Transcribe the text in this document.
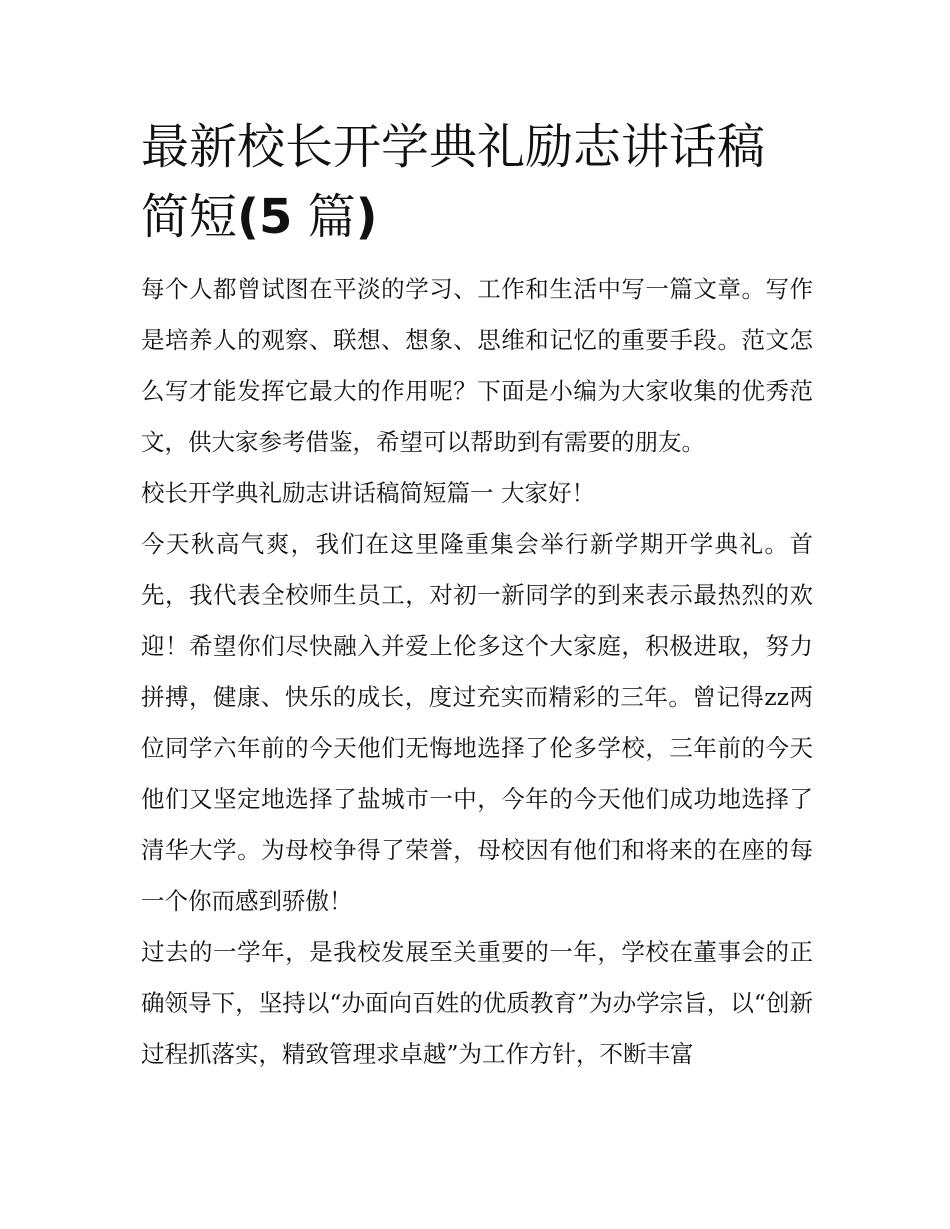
最新校长开学典礼励志讲话稿
简短(5 篇)

每个人都曾试图在平淡的学习、工作和生活中写一篇文章。写作是培养人的观察、联想、想象、思维和记忆的重要手段。范文怎么写才能发挥它最大的作用呢？下面是小编为大家收集的优秀范文，供大家参考借鉴，希望可以帮助到有需要的朋友。

校长开学典礼励志讲话稿简短篇一 大家好！

今天秋高气爽，我们在这里隆重集会举行新学期开学典礼。首先，我代表全校师生员工，对初一新同学的到来表示最热烈的欢迎！希望你们尽快融入并爱上伦多这个大家庭，积极进取，努力拼搏，健康、快乐的成长，度过充实而精彩的三年。曾记得zz两位同学六年前的今天他们无悔地选择了伦多学校，三年前的今天他们又坚定地选择了盐城市一中，今年的今天他们成功地选择了清华大学。为母校争得了荣誉，母校因有他们和将来的在座的每一个你而感到骄傲！

过去的一学年，是我校发展至关重要的一年，学校在董事会的正确领导下，坚持以“办面向百姓的优质教育”为办学宗旨，以“创新过程抓落实，精致管理求卓越”为工作方针，不断丰富
